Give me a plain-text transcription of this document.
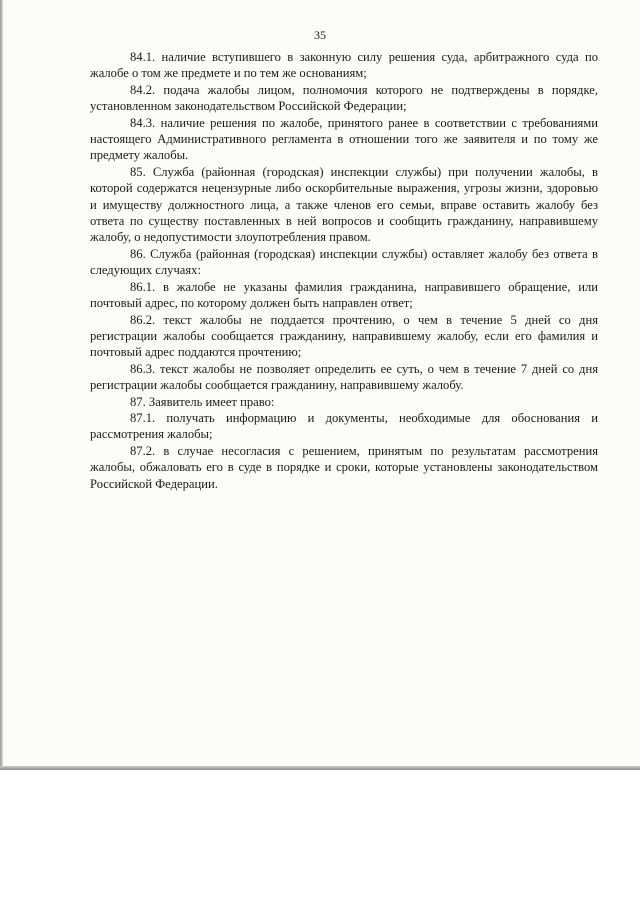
35

84.1. наличие вступившего в законную силу решения суда, арбитражного суда по жалобе о том же предмете и по тем же основаниям;

84.2. подача жалобы лицом, полномочия которого не подтверждены в порядке, установленном законодательством Российской Федерации;

84.3. наличие решения по жалобе, принятого ранее в соответствии с требованиями настоящего Административного регламента в отношении того же заявителя и по тому же предмету жалобы.

85. Служба (районная (городская) инспекции службы) при получении жалобы, в которой содержатся нецензурные либо оскорбительные выражения, угрозы жизни, здоровью и имуществу должностного лица, а также членов его семьи, вправе оставить жалобу без ответа по существу поставленных в ней вопросов и сообщить гражданину, направившему жалобу, о недопустимости злоупотребления правом.

86. Служба (районная (городская) инспекции службы) оставляет жалобу без ответа в следующих случаях:

86.1. в жалобе не указаны фамилия гражданина, направившего обращение, или почтовый адрес, по которому должен быть направлен ответ;

86.2. текст жалобы не поддается прочтению, о чем в течение 5 дней со дня регистрации жалобы сообщается гражданину, направившему жалобу, если его фамилия и почтовый адрес поддаются прочтению;

86.3. текст жалобы не позволяет определить ее суть, о чем в течение 7 дней со дня регистрации жалобы сообщается гражданину, направившему жалобу.

87. Заявитель имеет право:

87.1. получать информацию и документы, необходимые для обоснования и рассмотрения жалобы;

87.2. в случае несогласия с решением, принятым по результатам рассмотрения жалобы, обжаловать его в суде в порядке и сроки, которые установлены законодательством Российской Федерации.
